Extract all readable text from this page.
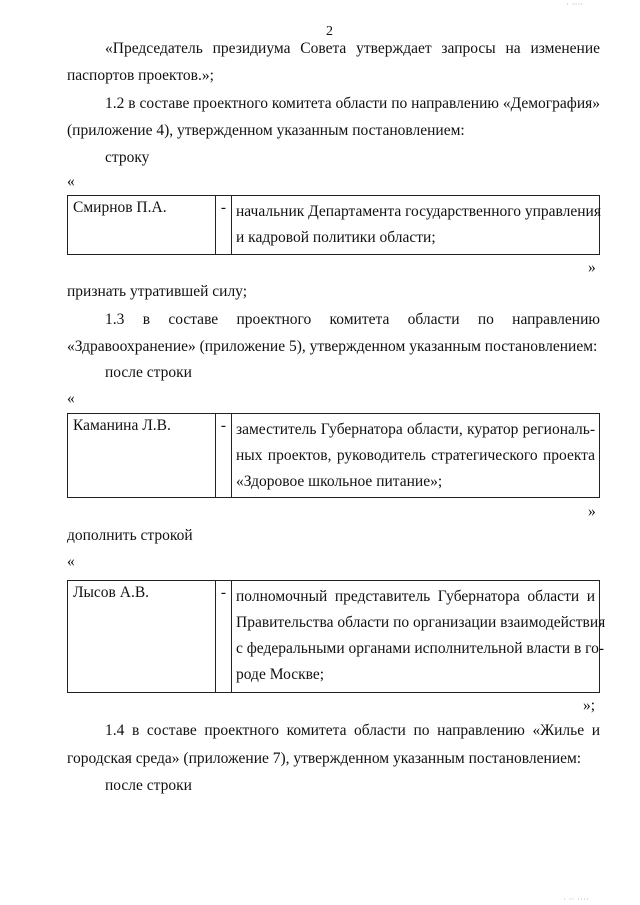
· ····
2
«Председатель президиума Совета утверждает запросы на изменение
паспортов проектов.»;
1.2 в составе проектного комитета области по направлению «Демография»
(приложение 4), утвержденном указанным постановлением:
строку
«
Смирнов П.А.	-	начальник Департамента государственного управления
и кадровой политики области;
»
признать утратившей силу;
1.3 в составе проектного комитета области по направлению
«Здравоохранение» (приложение 5), утвержденном указанным постановлением:
после строки
«
Каманина Л.В.	-	заместитель Губернатора области, куратор региональ-
ных проектов, руководитель стратегического проекта
«Здоровое школьное питание»;
»
дополнить строкой
«
Лысов А.В.	-	полномочный представитель Губернатора области и
Правительства области по организации взаимодействия
с федеральными органами исполнительной власти в го-
роде Москве;
»;
1.4 в составе проектного комитета области по направлению «Жилье и
городская среда» (приложение 7), утвержденном указанным постановлением:
после строки
· ·· ····
